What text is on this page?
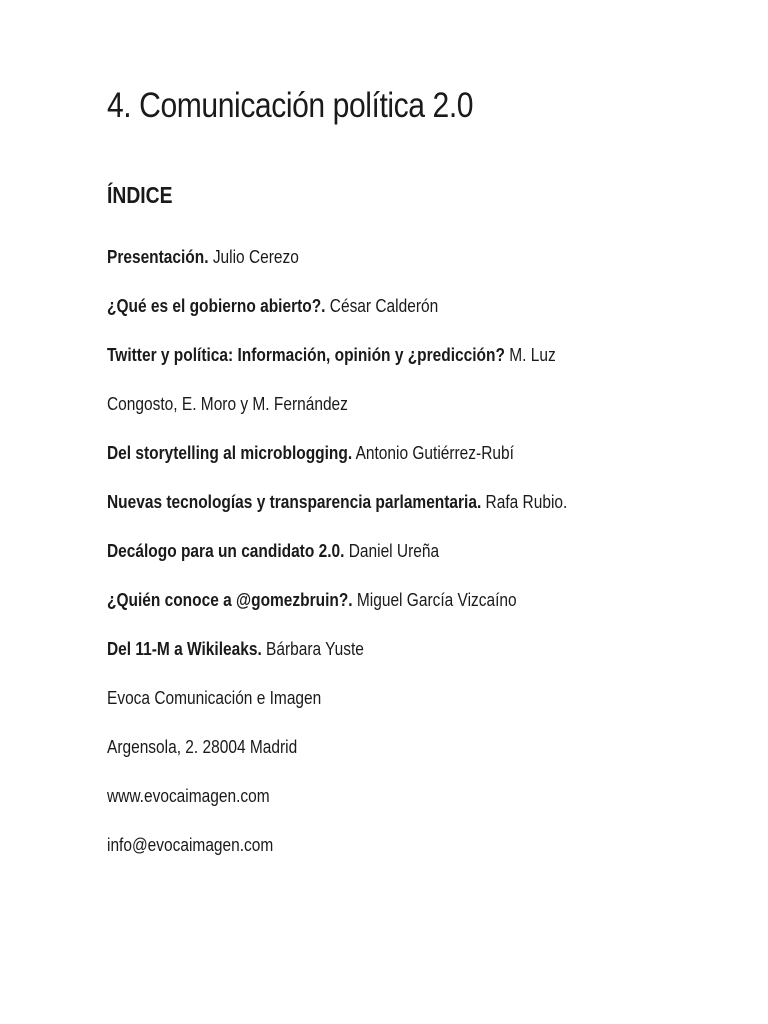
4. Comunicación política 2.0
ÍNDICE
Presentación. Julio Cerezo
¿Qué es el gobierno abierto?. César Calderón
Twitter y política: Información, opinión y ¿predicción? M. Luz
Congosto, E. Moro y M. Fernández
Del storytelling al microblogging. Antonio Gutiérrez-Rubí
Nuevas tecnologías y transparencia parlamentaria. Rafa Rubio.
Decálogo para un candidato 2.0. Daniel Ureña
¿Quién conoce a @gomezbruin?. Miguel García Vizcaíno
Del 11-M a Wikileaks. Bárbara Yuste
Evoca Comunicación e Imagen
Argensola, 2. 28004 Madrid
www.evocaimagen.com
info@evocaimagen.com
